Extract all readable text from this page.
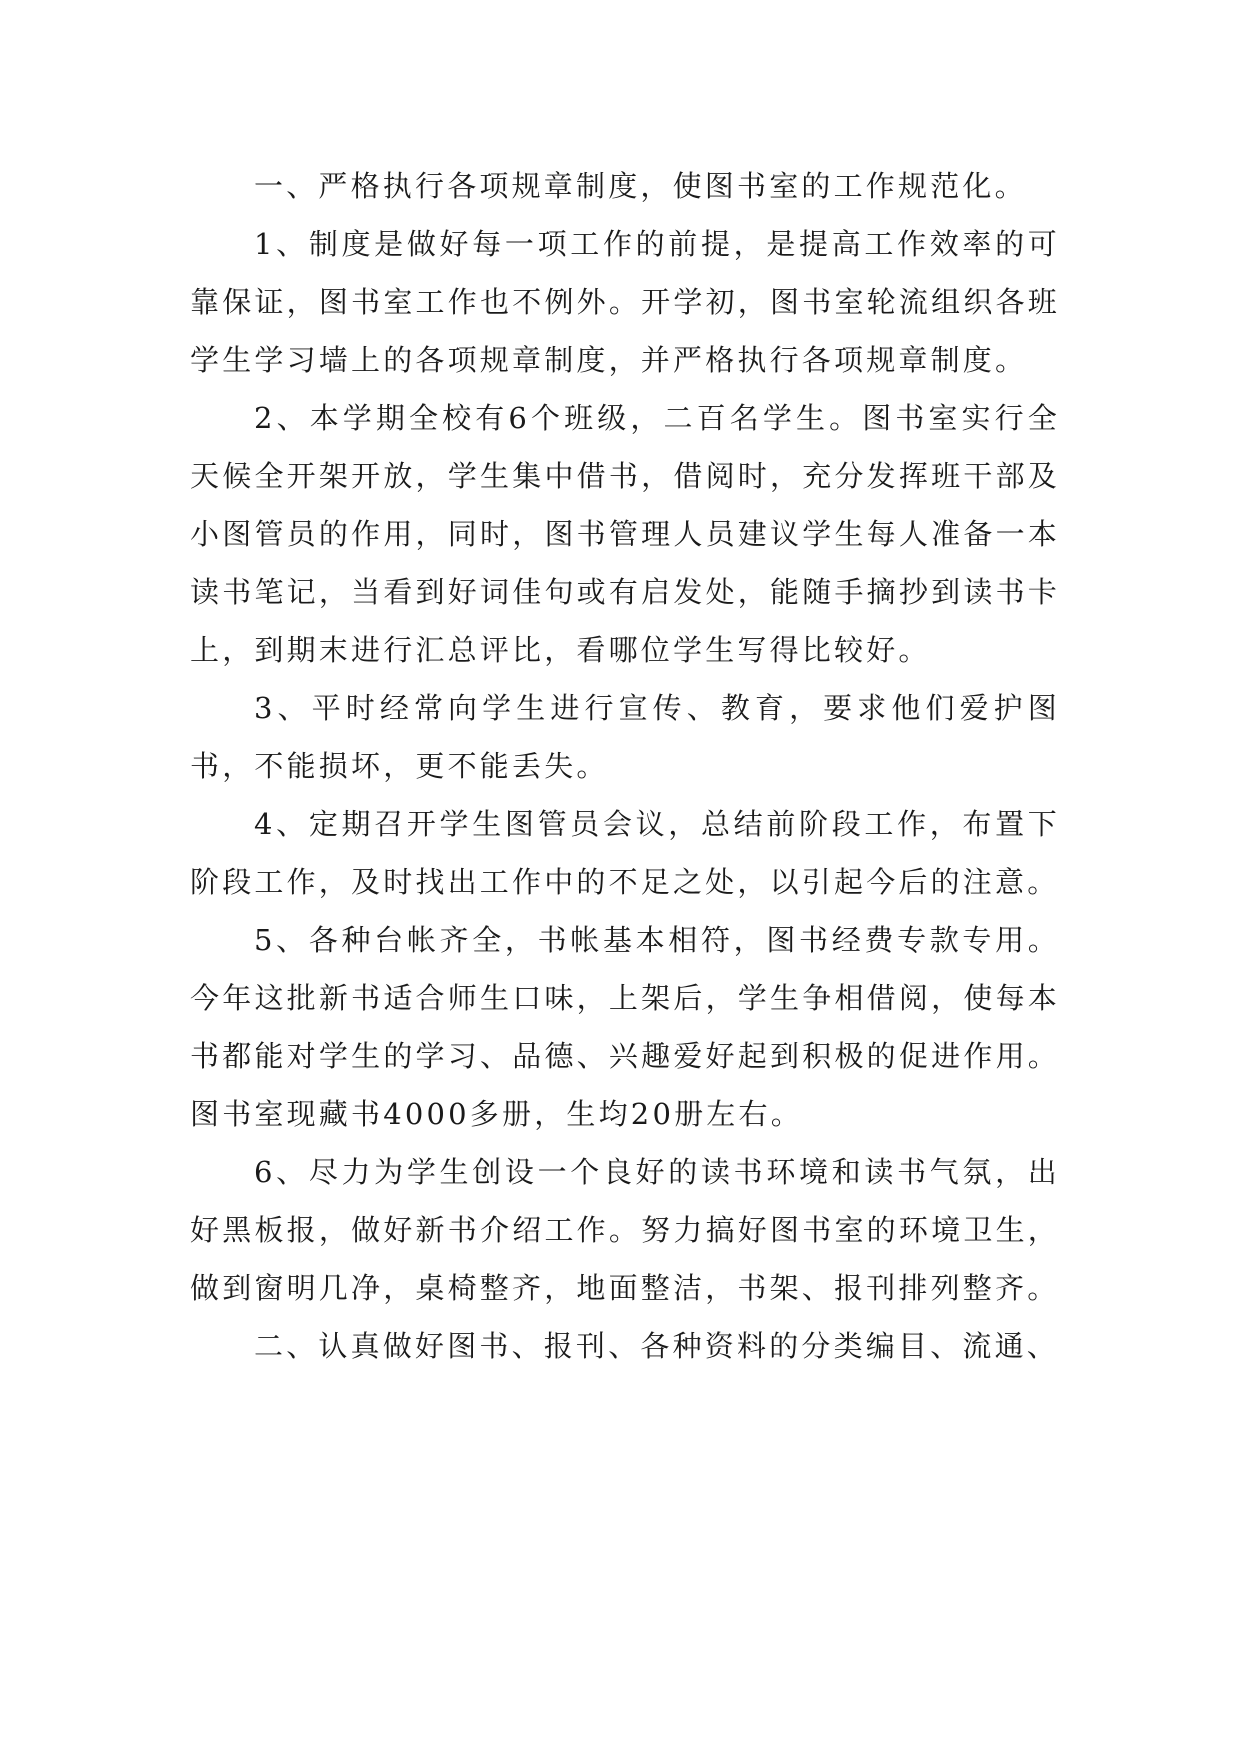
一、严格执行各项规章制度，使图书室的工作规范化。

1、制度是做好每一项工作的前提，是提高工作效率的可靠保证，图书室工作也不例外。开学初，图书室轮流组织各班学生学习墙上的各项规章制度，并严格执行各项规章制度。

2、本学期全校有6个班级，二百名学生。图书室实行全天候全开架开放，学生集中借书，借阅时，充分发挥班干部及小图管员的作用，同时，图书管理人员建议学生每人准备一本读书笔记，当看到好词佳句或有启发处，能随手摘抄到读书卡上，到期末进行汇总评比，看哪位学生写得比较好。

3、平时经常向学生进行宣传、教育，要求他们爱护图书，不能损坏，更不能丢失。

4、定期召开学生图管员会议，总结前阶段工作，布置下阶段工作，及时找出工作中的不足之处，以引起今后的注意。

5、各种台帐齐全，书帐基本相符，图书经费专款专用。今年这批新书适合师生口味，上架后，学生争相借阅，使每本书都能对学生的学习、品德、兴趣爱好起到积极的促进作用。图书室现藏书4000多册，生均20册左右。

6、尽力为学生创设一个良好的读书环境和读书气氛，出好黑板报，做好新书介绍工作。努力搞好图书室的环境卫生，做到窗明几净，桌椅整齐，地面整洁，书架、报刊排列整齐。

二、认真做好图书、报刊、各种资料的分类编目、流通、
